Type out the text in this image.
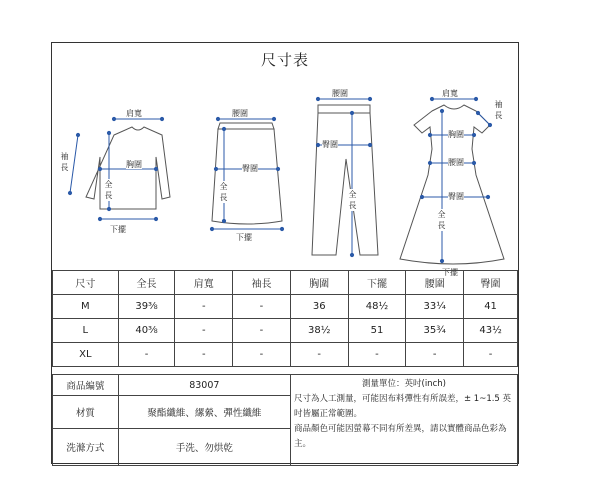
尺寸表
肩寬
袖長	胸圍
全長
下擺
腰圍
臀圍
全長
下擺
腰圍
臀圍
全長
肩寬
袖長
胸圍
腰圍
臀圍
全長
下擺
尺寸	全長	肩寬	袖長	胸圍	下擺	腰圍	臀圍
M	39⅜	-	-	36	48½	33¼	41
L	40⅜	-	-	38½	51	35¾	43½
XL	-	-	-	-	-	-	-
商品編號	83007	測量單位：英吋(inch)
尺寸為人工測量，可能因布料彈性有所誤差，± 1~1.5 英吋皆屬正常範圍。
商品顏色可能因螢幕不同有所差異，請以實體商品色彩為主。

材質	聚酯纖維、縲縈、彈性纖維	
洗滌方式	手洗、勿烘乾	
